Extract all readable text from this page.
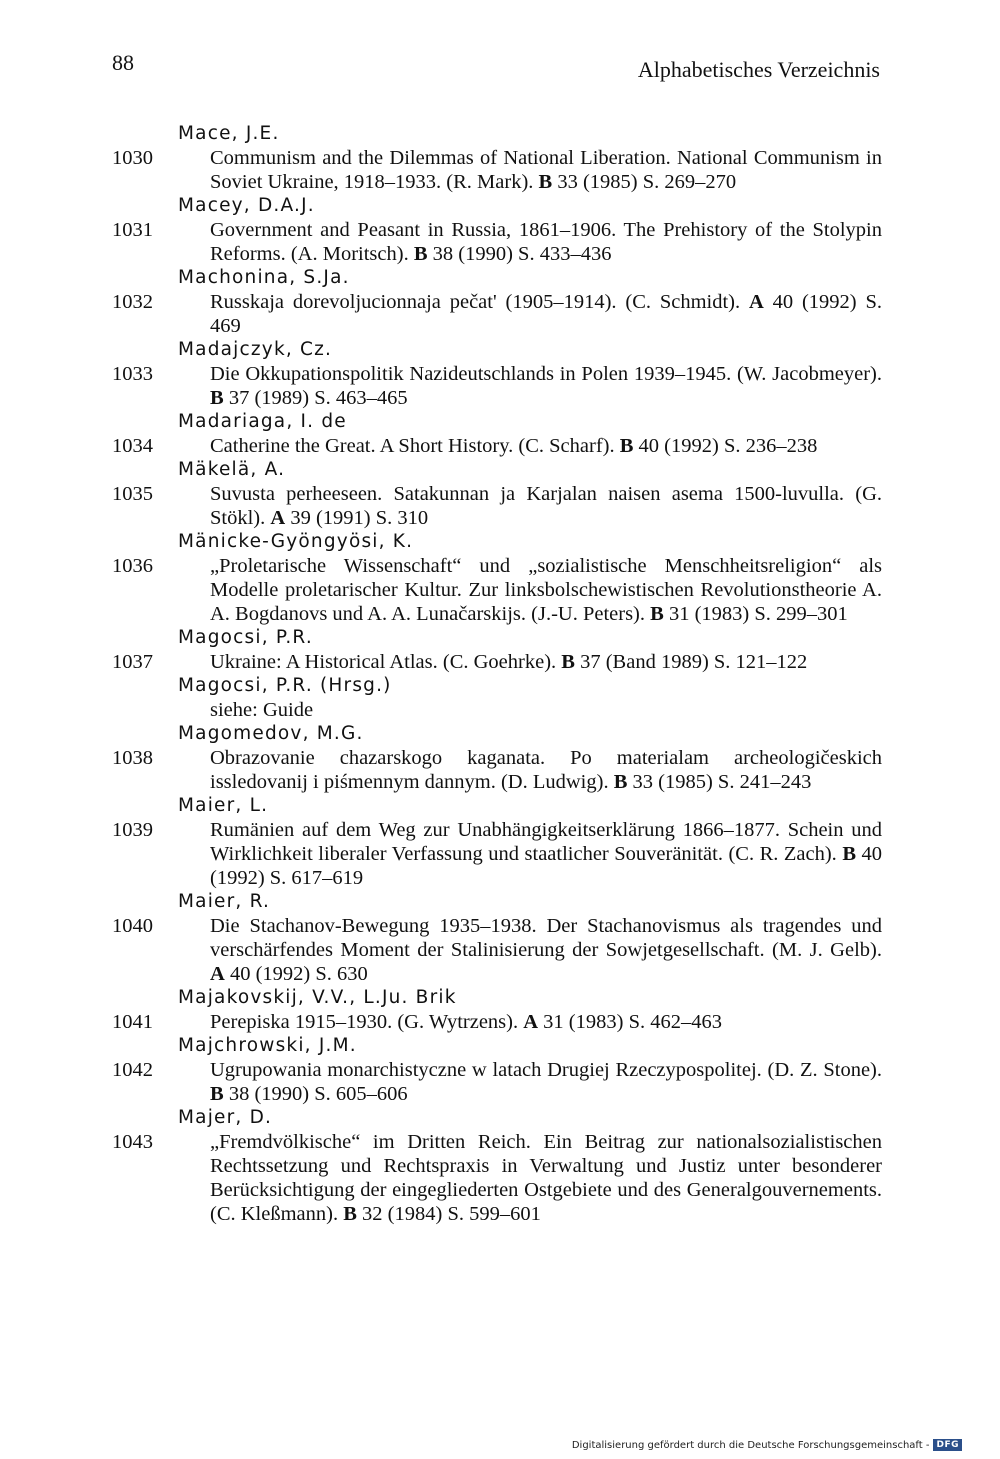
88	Alphabetisches Verzeichnis
Mace, J.E.
1030	Communism and the Dilemmas of National Liberation. National Communism in Soviet Ukraine, 1918–1933. (R. Mark). B 33 (1985) S. 269–270
Macey, D.A.J.
1031	Government and Peasant in Russia, 1861–1906. The Prehistory of the Stolypin Reforms. (A. Moritsch). B 38 (1990) S. 433–436
Machonina, S.Ja.
1032	Russkaja dorevoljucionnaja pečat' (1905–1914). (C. Schmidt). A 40 (1992) S. 469
Madajczyk, Cz.
1033	Die Okkupationspolitik Nazideutschlands in Polen 1939–1945. (W. Jacobmeyer). B 37 (1989) S. 463–465
Madariaga, I. de
1034	Catherine the Great. A Short History. (C. Scharf). B 40 (1992) S. 236–238
Mäkelä, A.
1035	Suvusta perheeseen. Satakunnan ja Karjalan naisen asema 1500-luvulla. (G. Stökl). A 39 (1991) S. 310
Mänicke-Gyöngyösi, K.
1036	„Proletarische Wissenschaft“ und „sozialistische Menschheitsreligion“ als Modelle proletarischer Kultur. Zur linksbolschewistischen Revolutionstheorie A. A. Bogdanovs und A. A. Lunačarskijs. (J.-U. Peters). B 31 (1983) S. 299–301
Magocsi, P.R.
1037	Ukraine: A Historical Atlas. (C. Goehrke). B 37 (Band 1989) S. 121–122
Magocsi, P.R. (Hrsg.)
siehe: Guide
Magomedov, M.G.
1038	Obrazovanie chazarskogo kaganata. Po materialam archeologičeskich issledovanij i piśmennym dannym. (D. Ludwig). B 33 (1985) S. 241–243
Maier, L.
1039	Rumänien auf dem Weg zur Unabhängigkeitserklärung 1866–1877. Schein und Wirklichkeit liberaler Verfassung und staatlicher Souveränität. (C. R. Zach). B 40 (1992) S. 617–619
Maier, R.
1040	Die Stachanov-Bewegung 1935–1938. Der Stachanovismus als tragendes und verschärfendes Moment der Stalinisierung der Sowjetgesellschaft. (M. J. Gelb). A 40 (1992) S. 630
Majakovskij, V.V., L.Ju. Brik
1041	Perepiska 1915–1930. (G. Wytrzens). A 31 (1983) S. 462–463
Majchrowski, J.M.
1042	Ugrupowania monarchistyczne w latach Drugiej Rzeczypospolitej. (D. Z. Stone). B 38 (1990) S. 605–606
Majer, D.
1043	„Fremdvölkische“ im Dritten Reich. Ein Beitrag zur nationalsozialistischen Rechtssetzung und Rechtspraxis in Verwaltung und Justiz unter besonderer Berücksichtigung der eingegliederten Ostgebiete und des Generalgouvernements. (C. Kleßmann). B 32 (1984) S. 599–601
Digitalisierung gefördert durch die Deutsche Forschungsgemeinschaft - DFG
